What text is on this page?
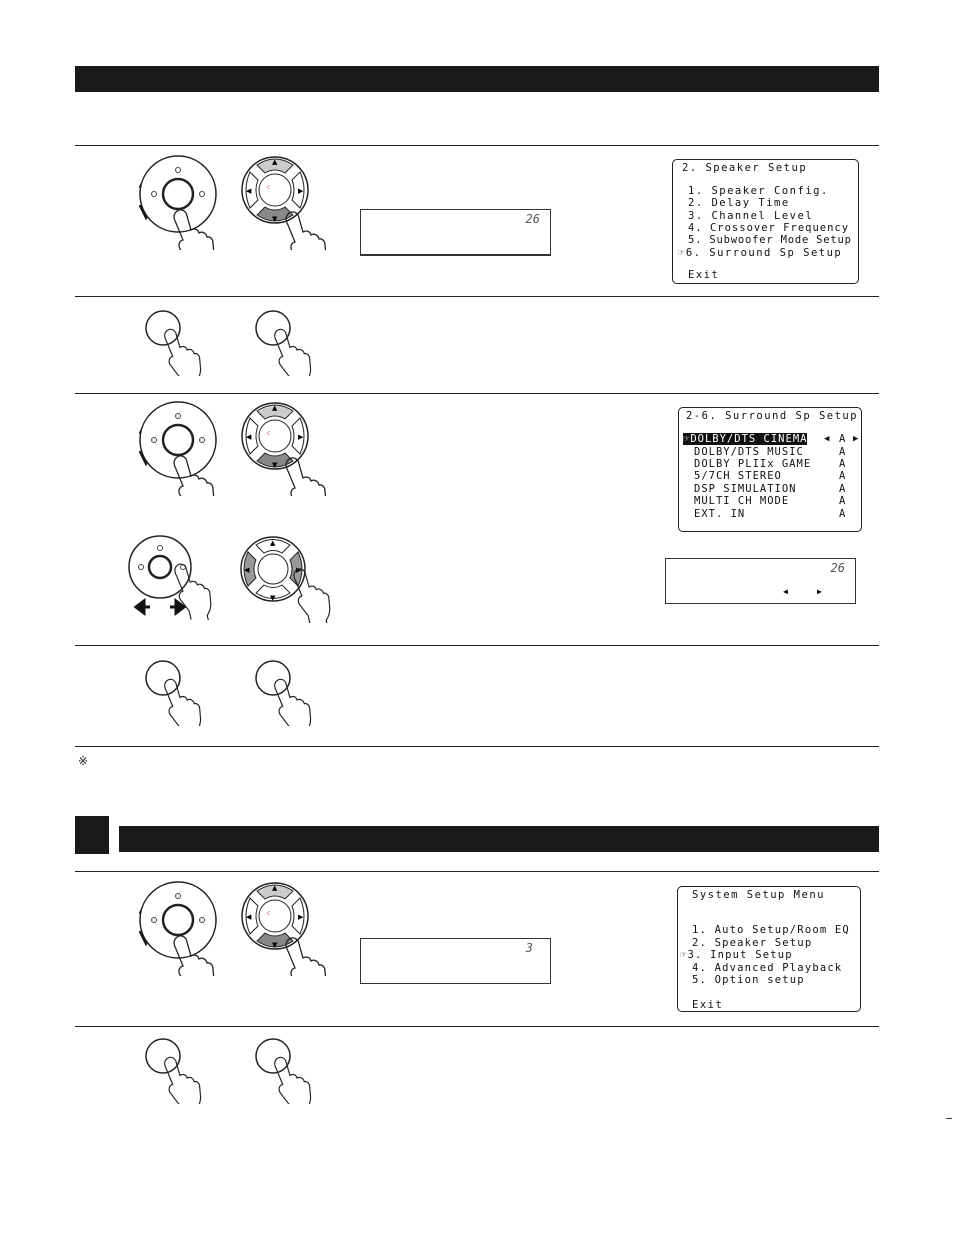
※
c
▲
▼
◀	▶
26
2. Speaker Setup
1. Speaker Config.
2. Delay Time
3. Channel Level
4. Crossover Frequency
5. Subwoofer Mode Setup
☞6. Surround Sp Setup
Exit
c
▲
▼
◀	▶
2-6. Surround Sp Setup
☞DOLBY/DTS CINEMA ◀ A ▶
DOLBY/DTS MUSIC	A
DOLBY PLIIx GAME	A
5/7CH STEREO	A
DSP SIMULATION	A
MULTI CH MODE	A
EXT. IN	A
▲
▼
◀	▶	26
◀	▶
c
▲
▼
◀	▶
3
System Setup Menu
1. Auto Setup/Room EQ
2. Speaker Setup
☞3. Input Setup
4. Advanced Playback
5. Option setup
Exit
